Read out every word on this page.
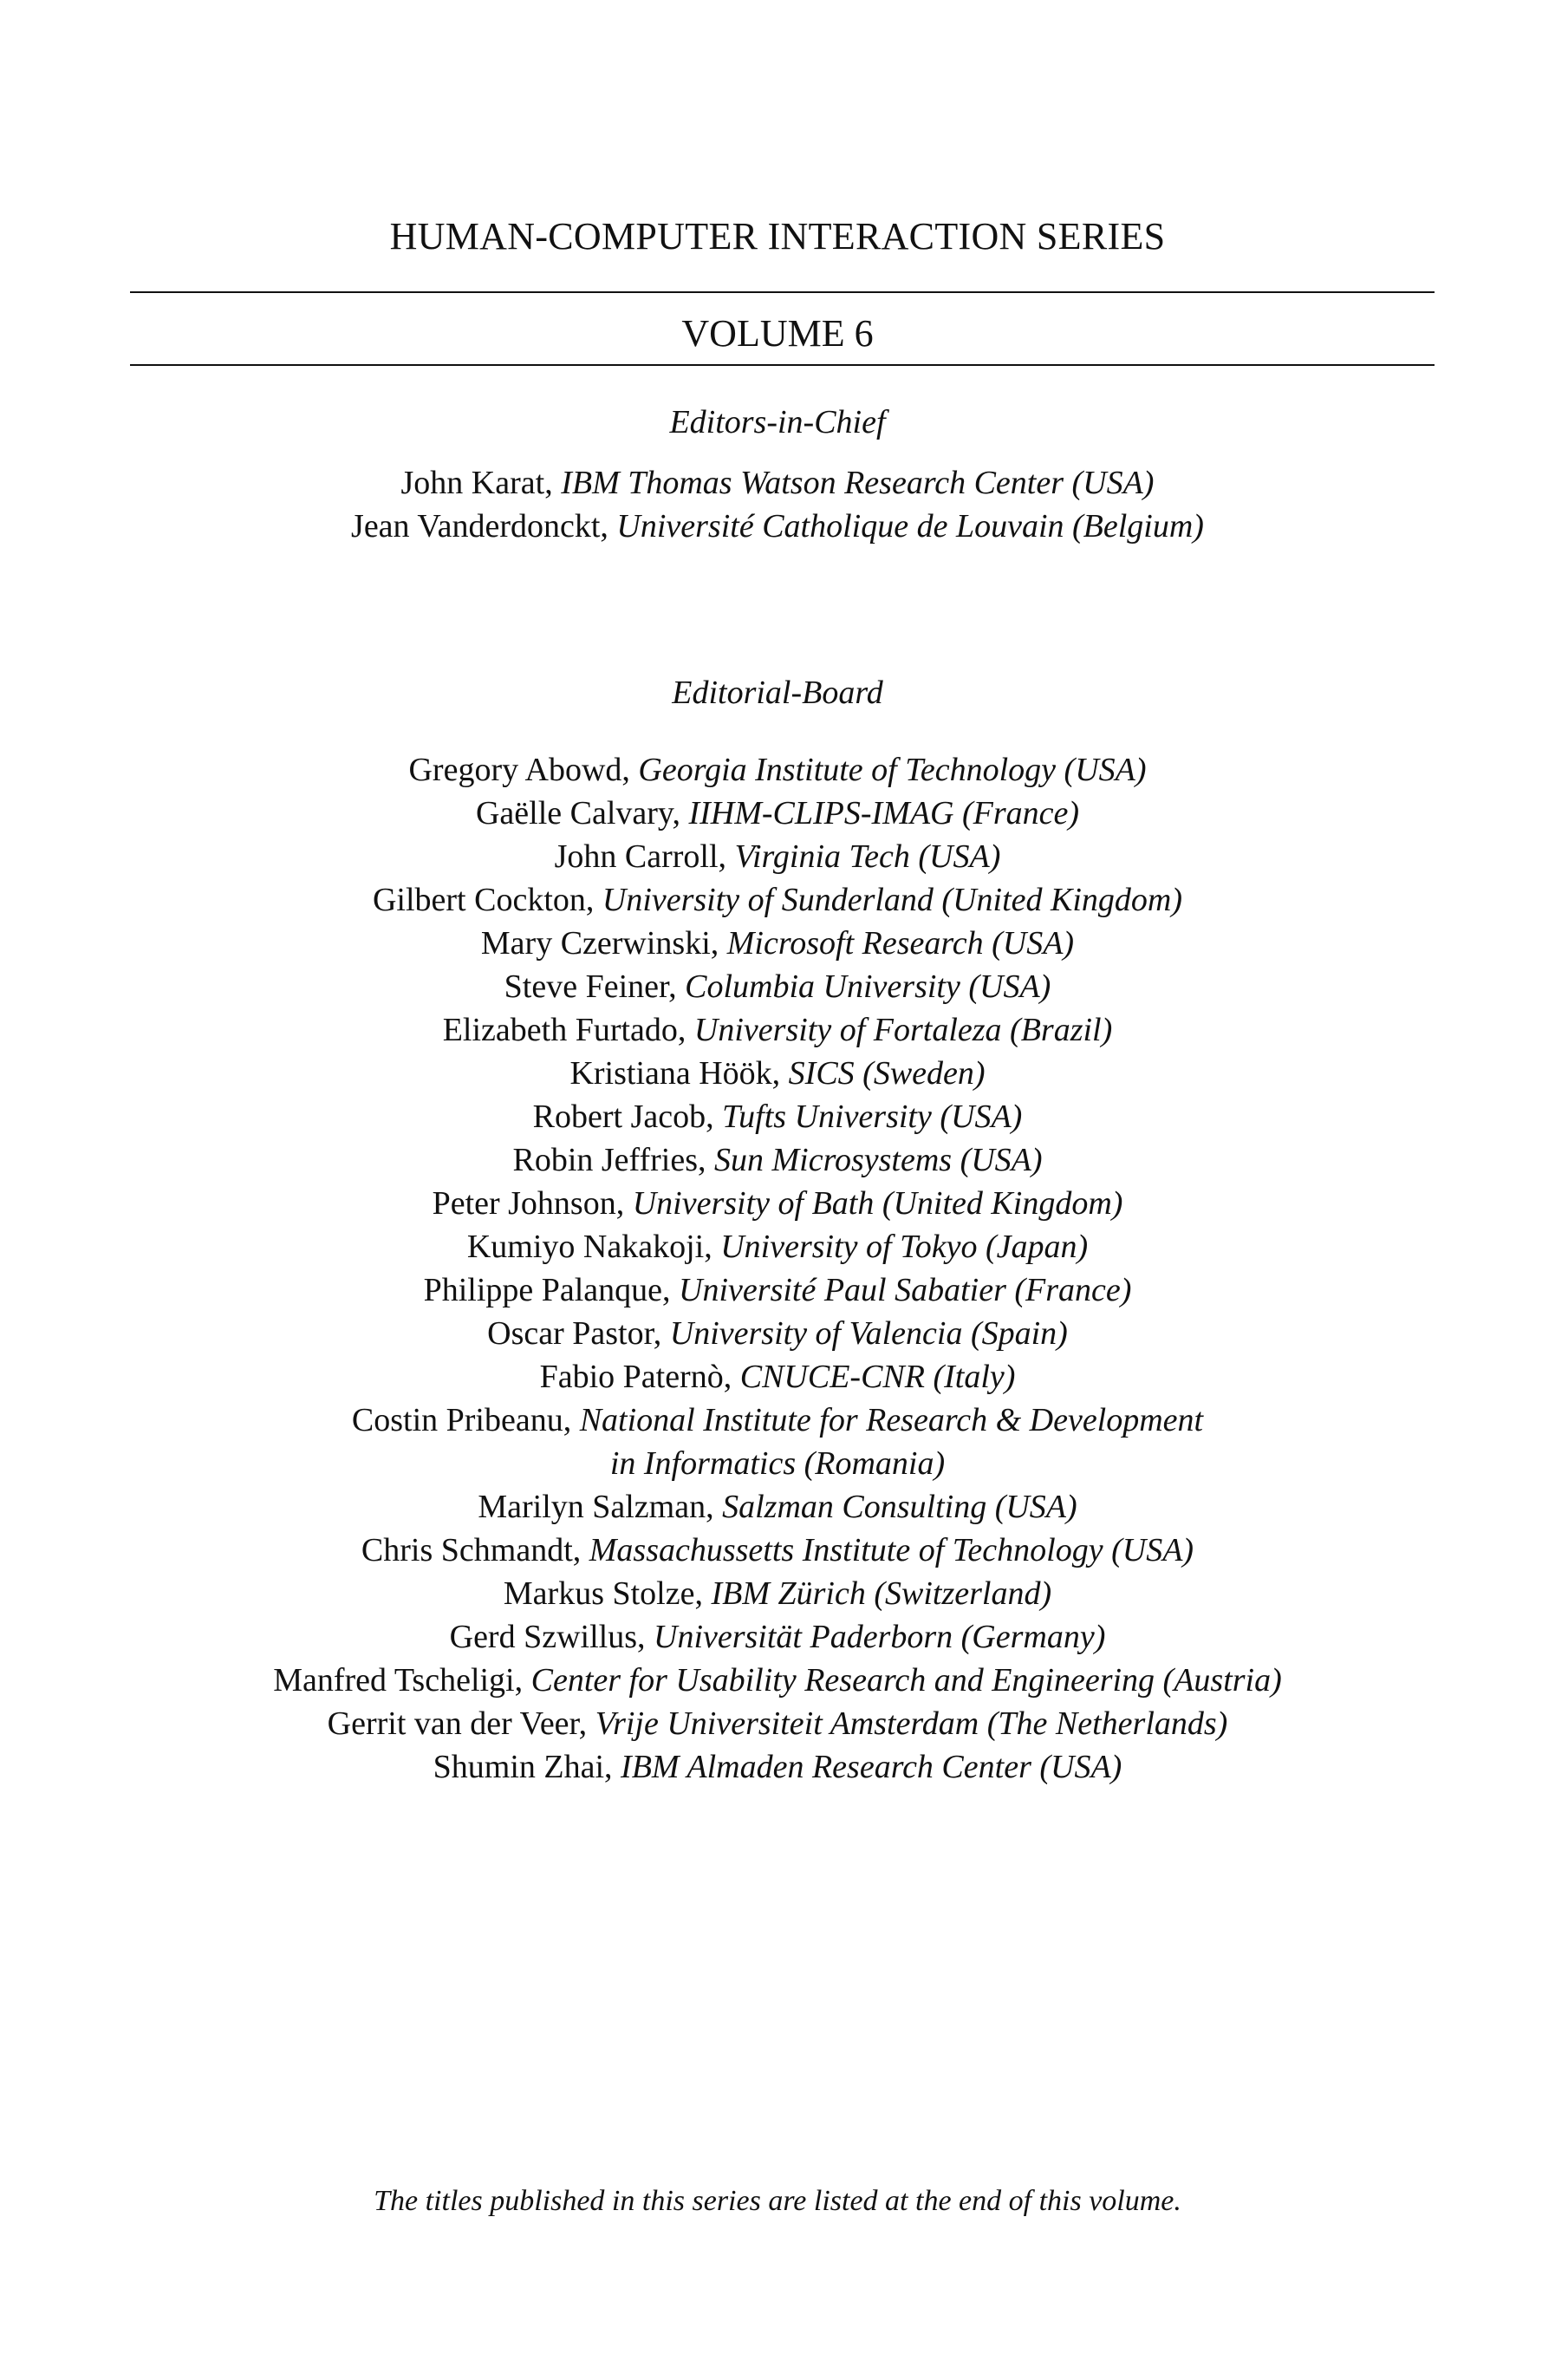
HUMAN-COMPUTER INTERACTION SERIES
VOLUME 6
Editors-in-Chief
John Karat, IBM Thomas Watson Research Center (USA)
Jean Vanderdonckt, Université Catholique de Louvain (Belgium)
Editorial-Board
Gregory Abowd, Georgia Institute of Technology (USA)
Gaëlle Calvary, IIHM-CLIPS-IMAG (France)
John Carroll, Virginia Tech (USA)
Gilbert Cockton, University of Sunderland (United Kingdom)
Mary Czerwinski, Microsoft Research (USA)
Steve Feiner, Columbia University (USA)
Elizabeth Furtado, University of Fortaleza (Brazil)
Kristiana Höök, SICS (Sweden)
Robert Jacob, Tufts University (USA)
Robin Jeffries, Sun Microsystems (USA)
Peter Johnson, University of Bath (United Kingdom)
Kumiyo Nakakoji, University of Tokyo (Japan)
Philippe Palanque, Université Paul Sabatier (France)
Oscar Pastor, University of Valencia (Spain)
Fabio Paternò, CNUCE-CNR (Italy)
Costin Pribeanu, National Institute for Research & Development
in Informatics (Romania)
Marilyn Salzman, Salzman Consulting (USA)
Chris Schmandt, Massachussetts Institute of Technology (USA)
Markus Stolze, IBM Zürich (Switzerland)
Gerd Szwillus, Universität Paderborn (Germany)
Manfred Tscheligi, Center for Usability Research and Engineering (Austria)
Gerrit van der Veer, Vrije Universiteit Amsterdam (The Netherlands)
Shumin Zhai, IBM Almaden Research Center (USA)
The titles published in this series are listed at the end of this volume.
